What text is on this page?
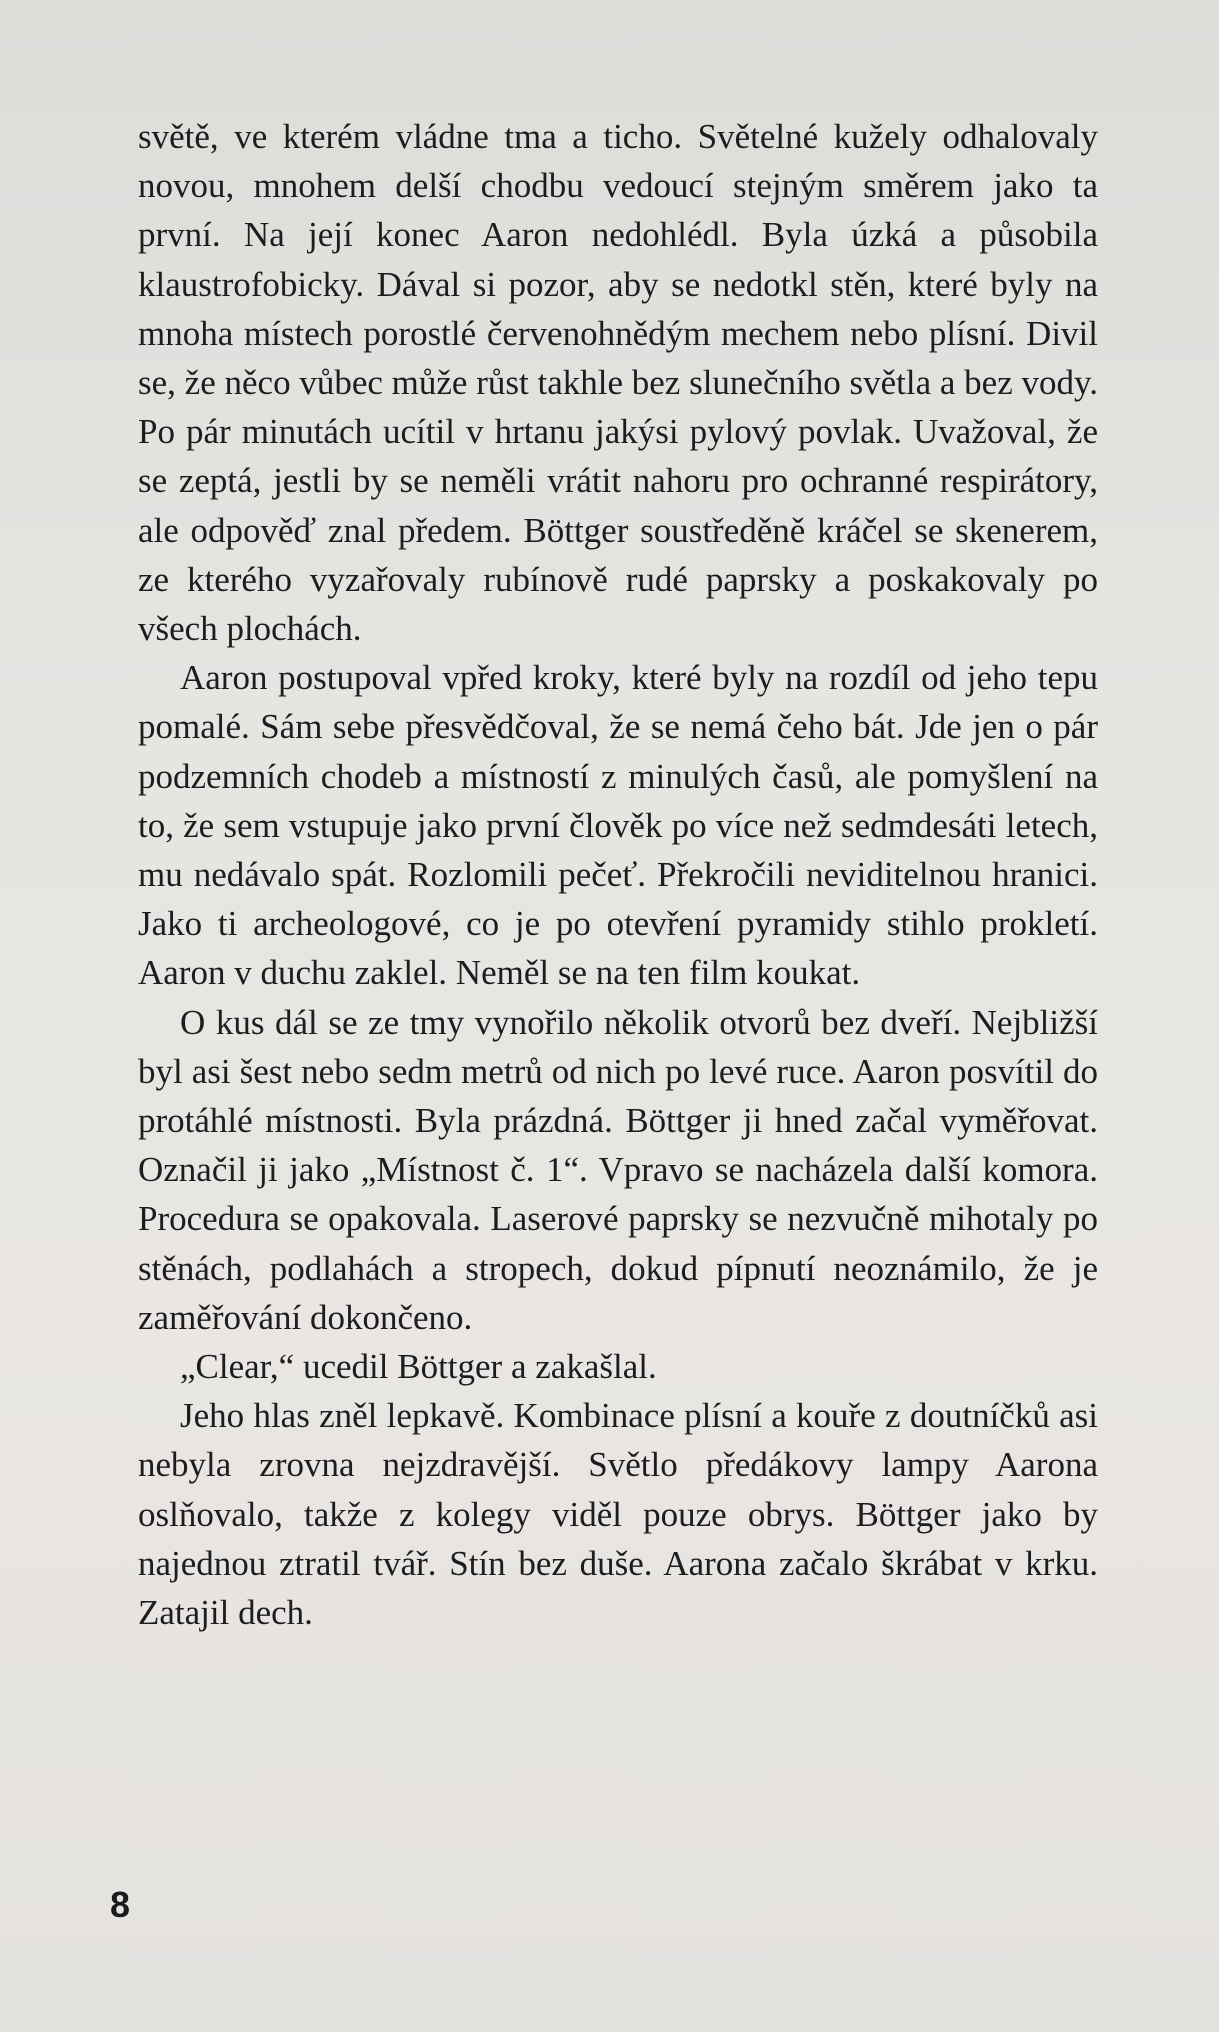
světě, ve kterém vládne tma a ticho. Světelné kužely odhalovaly novou, mnohem delší chodbu vedoucí stejným směrem jako ta první. Na její konec Aaron nedohlédl. Byla úzká a působila klaustrofobicky. Dával si pozor, aby se nedotkl stěn, které byly na mnoha místech porostlé červenohnědým mechem nebo plísní. Divil se, že něco vůbec může růst takhle bez slunečního světla a bez vody. Po pár minutách ucítil v hrtanu jakýsi pylový povlak. Uvažoval, že se zeptá, jestli by se neměli vrátit nahoru pro ochranné respirátory, ale odpověď znal předem. Böttger soustředěně kráčel se skenerem, ze kterého vyzařovaly rubínově rudé paprsky a poskakovaly po všech plochách.

Aaron postupoval vpřed kroky, které byly na rozdíl od jeho tepu pomalé. Sám sebe přesvědčoval, že se nemá čeho bát. Jde jen o pár podzemních chodeb a místností z minulých časů, ale pomyšlení na to, že sem vstupuje jako první člověk po více než sedmdesáti letech, mu nedávalo spát. Rozlomili pečeť. Překročili neviditelnou hranici. Jako ti archeologové, co je po otevření pyramidy stihlo prokletí. Aaron v duchu zaklel. Neměl se na ten film koukat.

O kus dál se ze tmy vynořilo několik otvorů bez dveří. Nejbližší byl asi šest nebo sedm metrů od nich po levé ruce. Aaron posvítil do protáhlé místnosti. Byla prázdná. Böttger ji hned začal vyměřovat. Označil ji jako „Místnost č. 1“. Vpravo se nacházela další komora. Procedura se opakovala. Laserové paprsky se nezvučně mihotaly po stěnách, podlahách a stropech, dokud pípnutí neoznámilo, že je zaměřování dokončeno.

„Clear,“ ucedil Böttger a zakašlal.

Jeho hlas zněl lepkavě. Kombinace plísní a kouře z doutníčků asi nebyla zrovna nejzdravější. Světlo předákovy lampy Aarona oslňovalo, takže z kolegy viděl pouze obrys. Böttger jako by najednou ztratil tvář. Stín bez duše. Aarona začalo škrábat v krku. Zatajil dech.

8
